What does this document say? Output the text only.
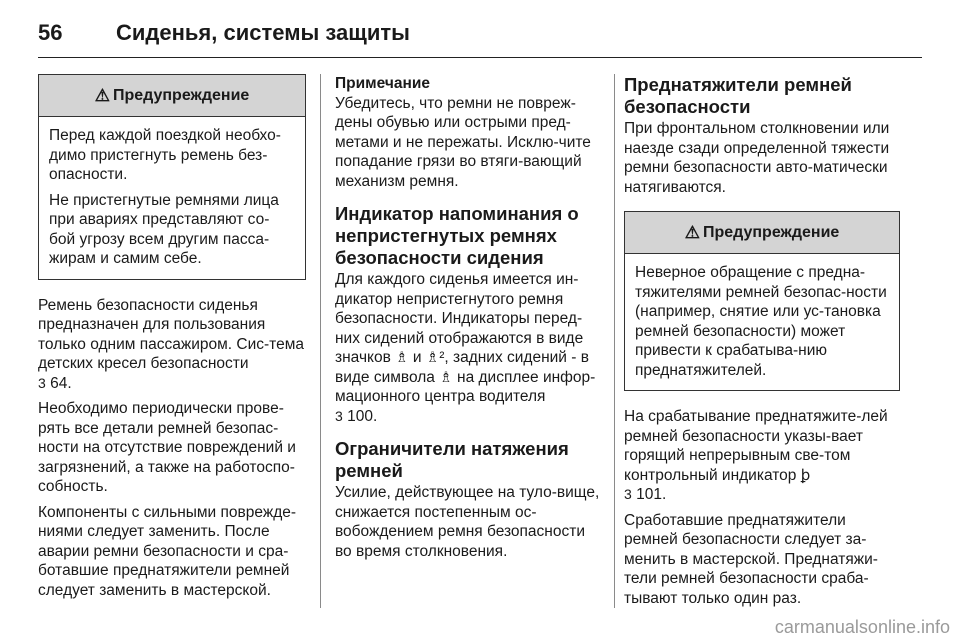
56 Сиденья, системы защиты
⚠ Предупреждение

Перед каждой поездкой необхо-димо пристегнуть ремень без-опасности.

Не пристегнутые ремнями лица при авариях представляют со-бой угрозу всем другим пасса-жирам и самим себе.

Ремень безопасности сиденья предназначен для пользования только одним пассажиром. Сис-тема детских кресел безопасности
3 64.

Необходимо периодически прове-рять все детали ремней безопас-ности на отсутствие повреждений и загрязнений, а также на работоспо-собность.

Компоненты с сильными поврежде-ниями следует заменить. После аварии ремни безопасности и сра-ботавшие преднатяжители ремней следует заменить в мастерской.

Примечание

Убедитесь, что ремни не повреж-дены обувью или острыми пред-метами и не пережаты. Исклю-чите попадание грязи во втяги-вающий механизм ремня.

Индикатор напоминания о непристегнутых ремнях безопасности сидения

Для каждого сиденья имеется ин-дикатор непристегнутого ремня безопасности. Индикаторы перед-них сидений отображаются в виде значков ♗ и ♗², задних сидений - в виде символа ♗ на дисплее инфор-мационного центра водителя
3 100.

Ограничители натяжения ремней

Усилие, действующее на туло-вище, снижается постепенным ос-вобождением ремня безопасности во время столкновения.

Преднатяжители ремней безопасности

При фронтальном столкновении или наезде сзади определенной тяжести ремни безопасности авто-матически натягиваются.

⚠ Предупреждение

Неверное обращение с предна-тяжителями ремней безопас-ности (например, снятие или ус-тановка ремней безопасности) может привести к срабатыва-нию преднатяжителей.

На срабатывание преднатяжите-лей ремней безопасности указы-вает горящий непрерывным све-том контрольный индикатор ꝧ
3 101.

Сработавшие преднатяжители ремней безопасности следует за-менить в мастерской. Преднатяжи-тели ремней безопасности сраба-тывают только один раз.

carmanualsonline.info
